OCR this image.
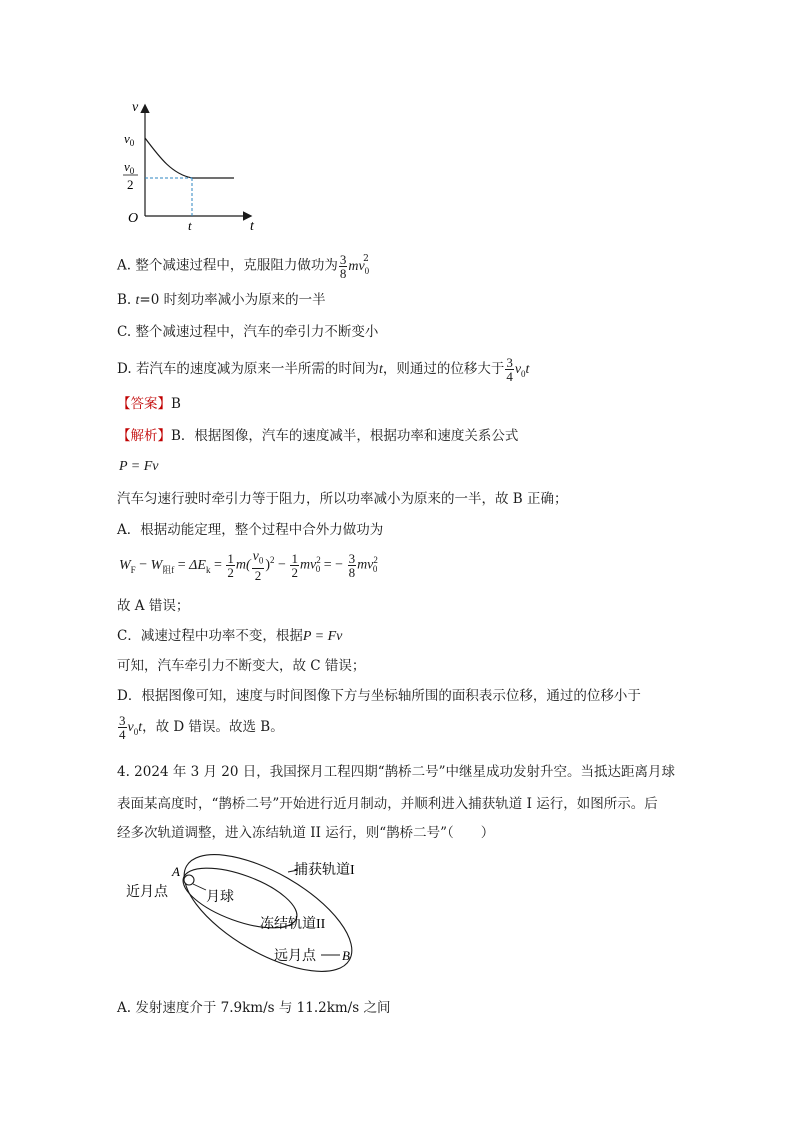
v
t
O
$v_0$
$v_0$
2
t
A. 整个减速过程中，克服阻力做功为 $\frac{3}{8} mv_0^2$
B. t=0 时刻功率减小为原来的一半
C. 整个减速过程中，汽车的牵引力不断变小
D. 若汽车的速度减为原来一半所需的时间为t，则通过的位移大于 $\frac{3}{4} v_0t$
【答案】B
【解析】B．根据图像，汽车的速度减半，根据功率和速度关系公式
P = Fv
汽车匀速行驶时牵引力等于阻力，所以功率减小为原来的一半，故 B 正确；
A．根据动能定理，整个过程中合外力做功为
$W_F - W_{阻f} = \Delta E_k = \frac{1}{2} m( \frac{v_0}{2} )^2 - \frac{1}{2} mv^2_0$ = − $\frac{3}{8} mv^2_0$
故 A 错误；
C．减速过程中功率不变，根据P = Fv
可知，汽车牵引力不断变大，故 C 错误；
D．根据图像可知，速度与时间图像下方与坐标轴所围的面积表示位移，通过的位移小于
$\frac{3}{4} v_0t$，故 D 错误。故选 B。
4. 2024 年 3 月 20 日，我国探月工程四期“鹊桥二号”中继星成功发射升空。当抵达距离月球
表面某高度时，“鹊桥二号”开始进行近月制动，并顺利进入捕获轨道 I 运行，如图所示。后
经多次轨道调整，进入冻结轨道 II 运行，则“鹊桥二号”（　　）
A
近月点	月球
捕获轨道I
冻结轨道II
远月点 B
A. 发射速度介于 7.9km/s 与 11.2km/s 之间
